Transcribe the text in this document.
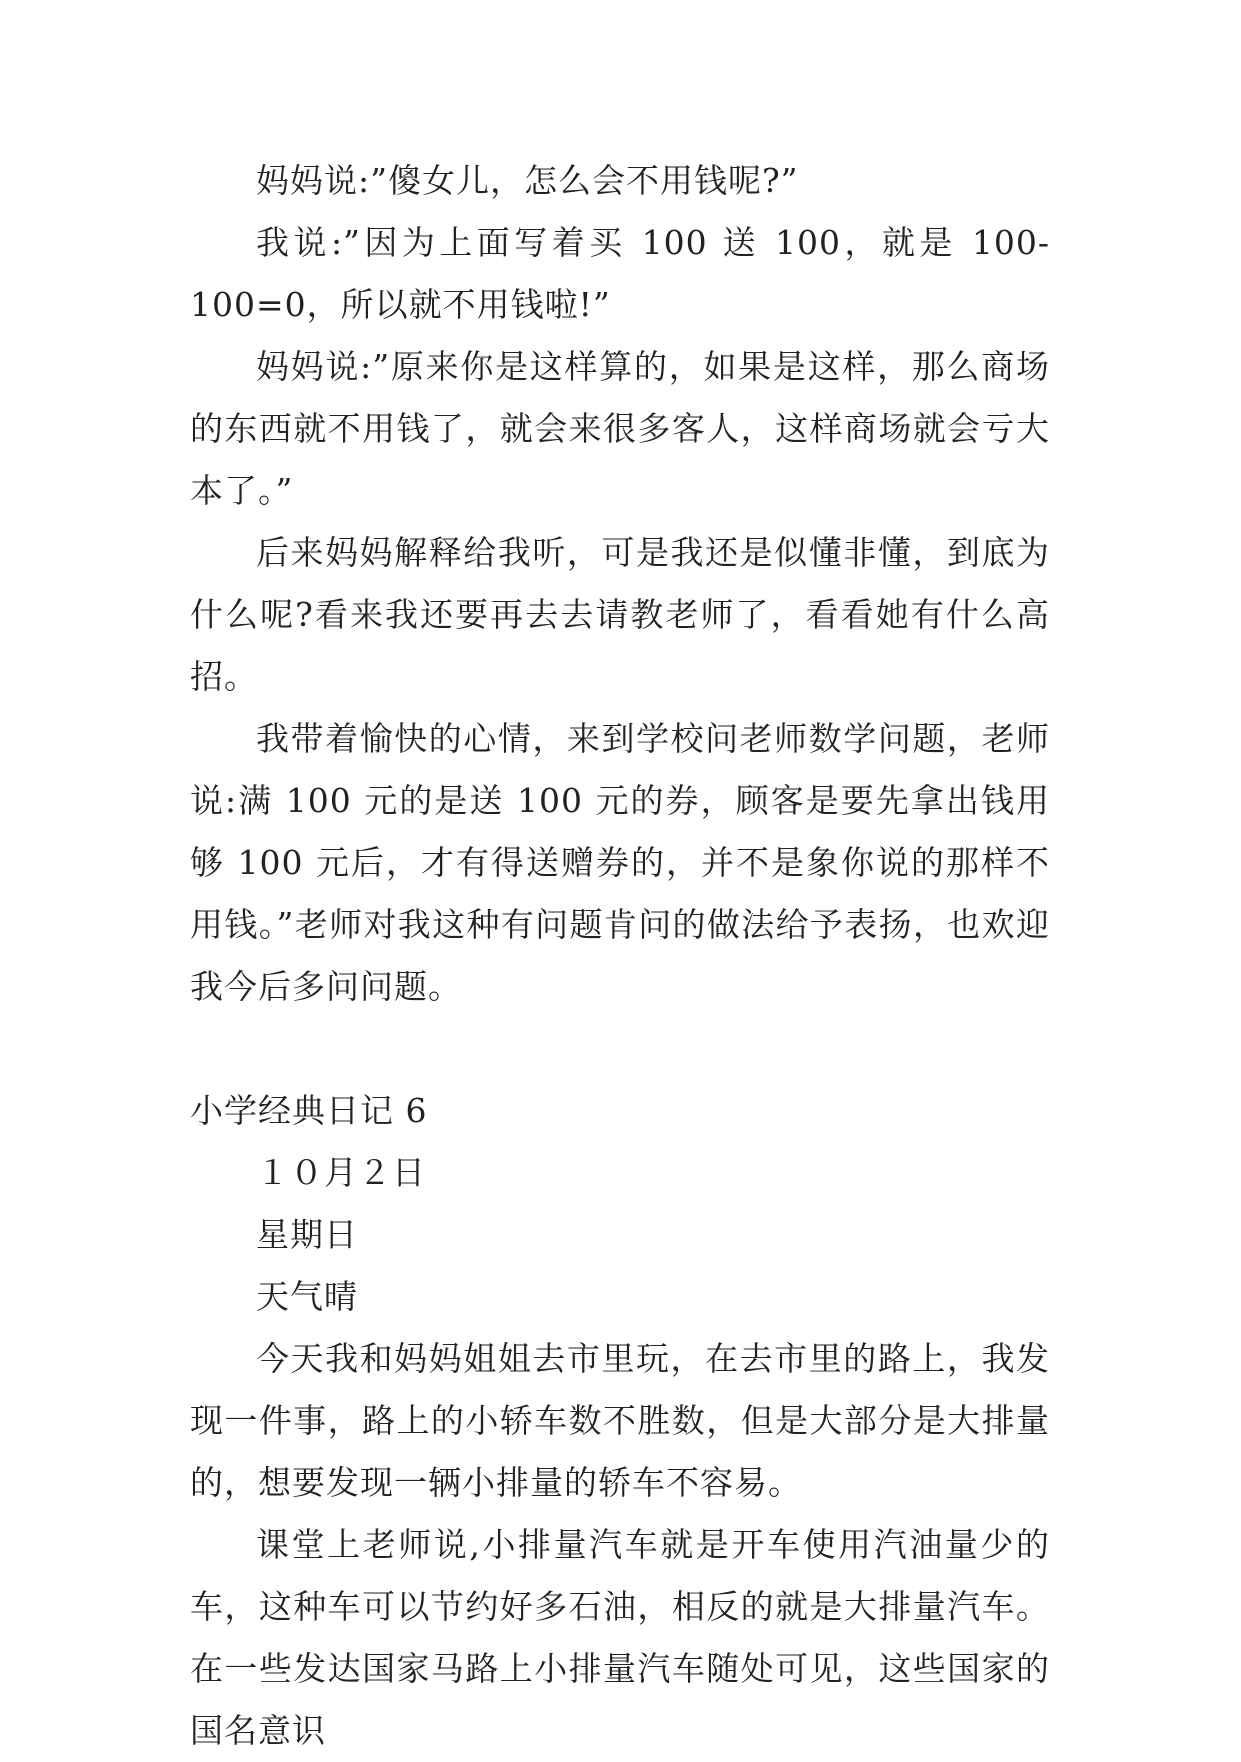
妈妈说:”傻女儿，怎么会不用钱呢?”

我说:”因为上面写着买 100 送 100，就是 100-100=0，所以就不用钱啦!”

妈妈说:”原来你是这样算的，如果是这样，那么商场的东西就不用钱了，就会来很多客人，这样商场就会亏大本了。”

后来妈妈解释给我听，可是我还是似懂非懂，到底为什么呢?看来我还要再去去请教老师了，看看她有什么高招。

我带着愉快的心情，来到学校问老师数学问题，老师说:满 100 元的是送 100 元的券，顾客是要先拿出钱用够 100 元后，才有得送赠券的，并不是象你说的那样不用钱。”老师对我这种有问题肯问的做法给予表扬，也欢迎我今后多问问题。

小学经典日记 6

１０月２日

星期日

天气晴

今天我和妈妈姐姐去市里玩，在去市里的路上，我发现一件事，路上的小轿车数不胜数，但是大部分是大排量的，想要发现一辆小排量的轿车不容易。

课堂上老师说,小排量汽车就是开车使用汽油量少的车，这种车可以节约好多石油，相反的就是大排量汽车。在一些发达国家马路上小排量汽车随处可见，这些国家的国名意识
